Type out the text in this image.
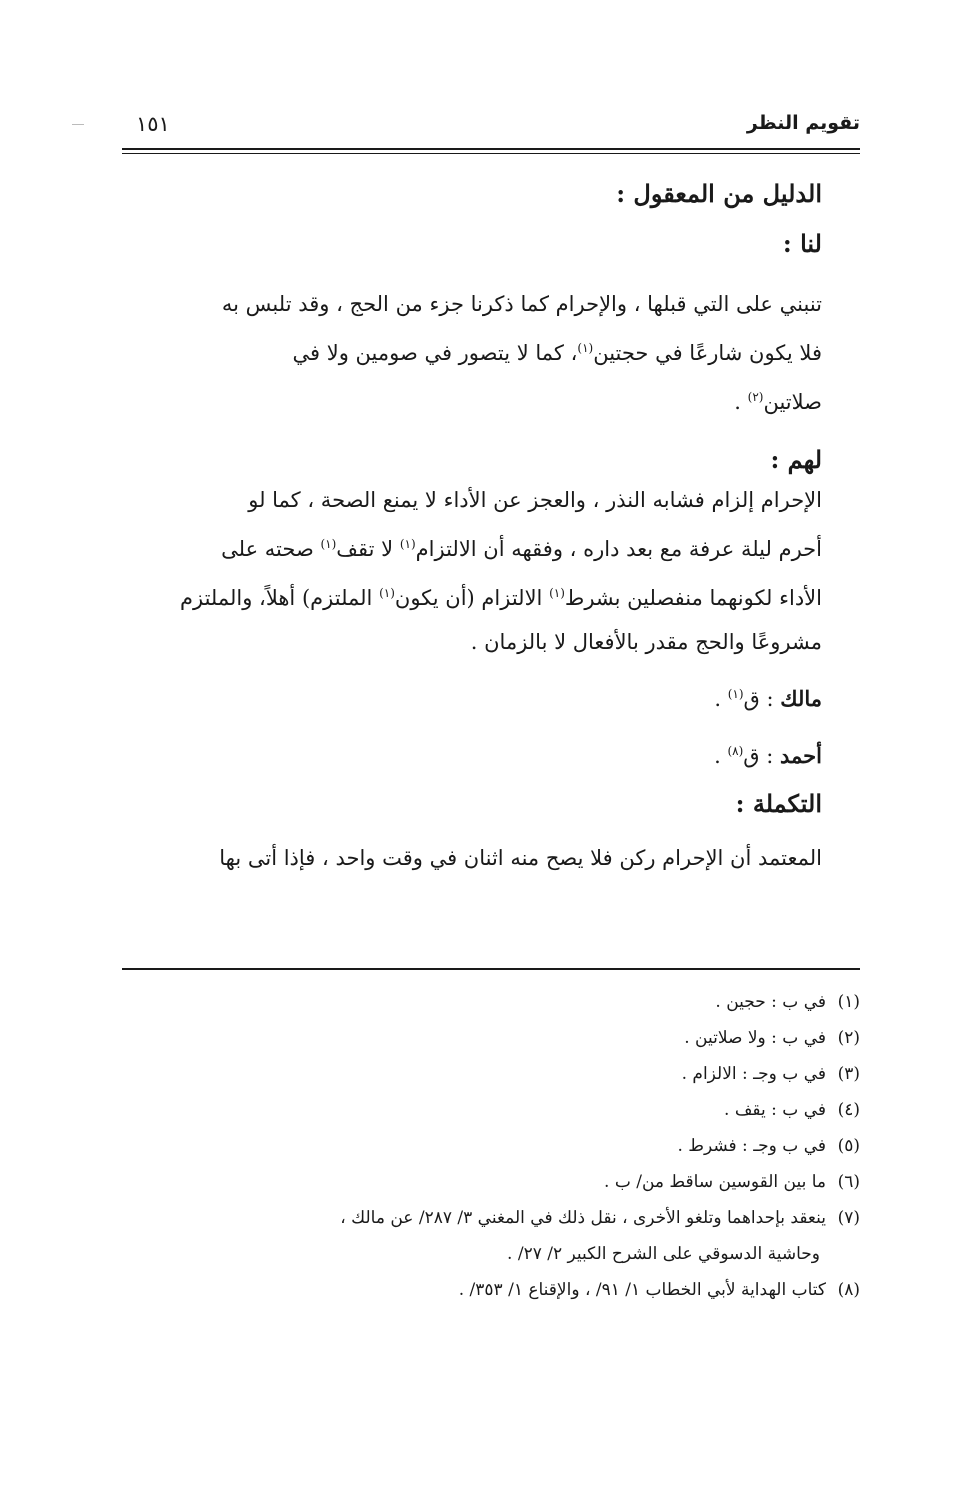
تقويم النظر
١٥١

الدليل من المعقول :

لنا :

تنبني على التي قبلها ، والإحرام كما ذكرنا جزء من الحج ، وقد تلبس به

فلا يكون شارعًا في حجتين$^{(١)}$، كما لا يتصور في صومين ولا في

صلاتين$^{(٢)}$ .

لهم :

الإحرام إلزام فشابه النذر ، والعجز عن الأداء لا يمنع الصحة ، كما لو

أحرم ليلة عرفة مع بعد داره ، وفقهه أن الالتزام$^{(١)}$ لا تقف$^{(١)}$ صحته على

الأداء لكونهما منفصلين بشرط$^{(١)}$ الالتزام (أن يكون$^{(١)}$ الملتزم) أهلاً، والملتزم

مشروعًا والحج مقدر بالأفعال لا بالزمان .

مالك : ق$^{(١)}$ .

أحمد : ق$^{(٨)}$ .

التكملة :

المعتمد أن الإحرام ركن فلا يصح منه اثنان في وقت واحد ، فإذا أتى بها

(١)في ب : حجين .

(٢)في ب : ولا صلاتين .

(٣)في ب وجـ : الالزام .

(٤)في ب : يقف .

(٥)في ب وجـ : فشرط .

(٦)ما بين القوسين ساقط من/ ب .

(٧)ينعقد بإحداهما وتلغو الأخرى ، نقل ذلك في المغني ٣/ ٢٨٧/ عن مالك ،

وحاشية الدسوقي على الشرح الكبير ٢/ ٢٧/ .

(٨)كتاب الهداية لأبي الخطاب ١/ ٩١/ ، والإقناع ١/ ٣٥٣/ .
